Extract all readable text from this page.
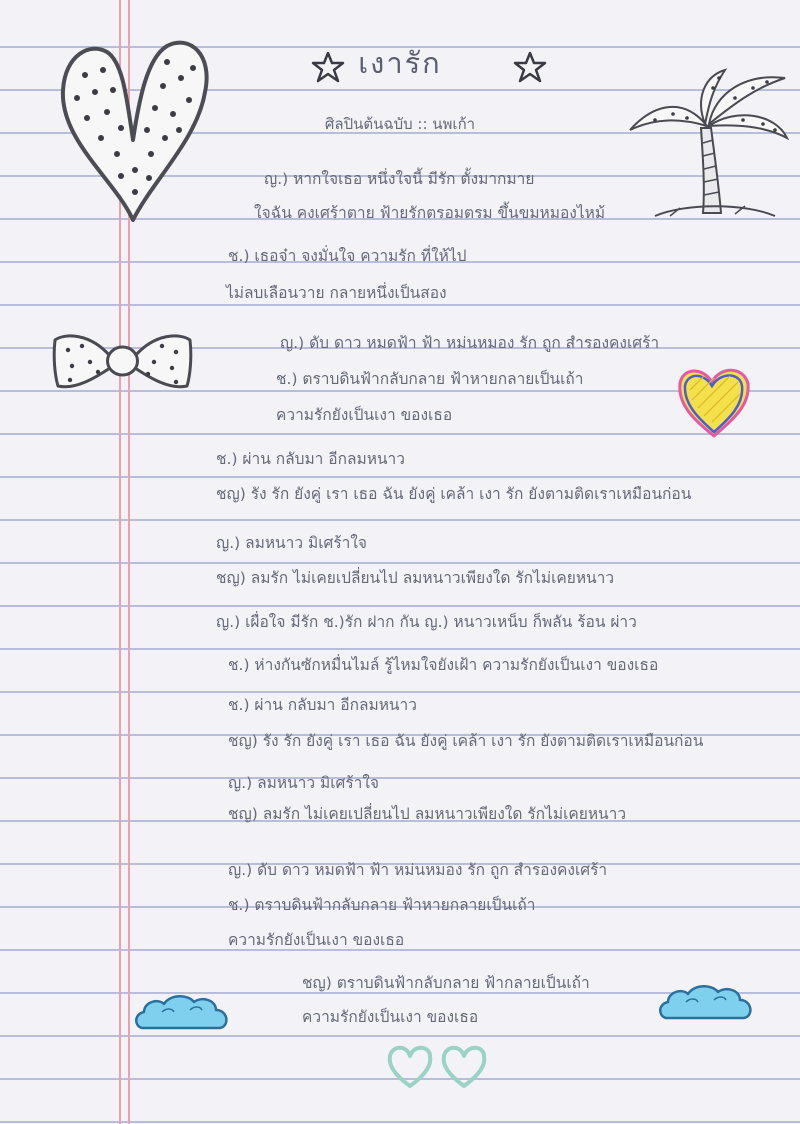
เงารัก
ศิลปินต้นฉบับ :: นพเก้า
ญ.) หากใจเธอ หนึ่งใจนี้ มีรัก ตั้งมากมาย
ใจฉัน คงเศร้าตาย ฟ้ายรักตรอมตรม ขึ้นขมหมองไหม้
ช.) เธอจ๋า จงมั่นใจ ความรัก ที่ให้ไป
ไม่ลบเลือนวาย กลายหนึ่งเป็นสอง
ญ.) ดับ ดาว หมดฟ้า ฟ้า หม่นหมอง รัก ถูก สำรองคงเศร้า
ช.) ตราบดินฟ้ากลับกลาย ฟ้าหายกลายเป็นเถ้า
ความรักยังเป็นเงา ของเธอ
ช.) ผ่าน กลับมา อีกลมหนาว
ชญ) รัง รัก ยังคู่ เรา เธอ ฉัน ยังคู่ เคล้า เงา รัก ยังตามติดเราเหมือนก่อน
ญ.) ลมหนาว มิเศร้าใจ
ชญ) ลมรัก ไม่เคยเปลี่ยนไป ลมหนาวเพียงใด รักไม่เคยหนาว
ญ.) เผื่อใจ มีรัก ช.)รัก ฝาก กัน ญ.) หนาวเหน็บ ก็พลัน ร้อน ผ่าว
ช.) ห่างกันซักหมื่นไมล์ รู้ไหมใจยังเฝ้า ความรักยังเป็นเงา ของเธอ
ช.) ผ่าน กลับมา อีกลมหนาว
ชญ) รัง รัก ยังคู่ เรา เธอ ฉัน ยังคู่ เคล้า เงา รัก ยังตามติดเราเหมือนก่อน
ญ.) ลมหนาว มิเศร้าใจ
ชญ) ลมรัก ไม่เคยเปลี่ยนไป ลมหนาวเพียงใด รักไม่เคยหนาว
ญ.) ดับ ดาว หมดฟ้า ฟ้า หม่นหมอง รัก ถูก สำรองคงเศร้า
ช.) ตราบดินฟ้ากลับกลาย ฟ้าหายกลายเป็นเถ้า
ความรักยังเป็นเงา ของเธอ
ชญ) ตราบดินฟ้ากลับกลาย ฟ้ากลายเป็นเถ้า
ความรักยังเป็นเงา ของเธอ
